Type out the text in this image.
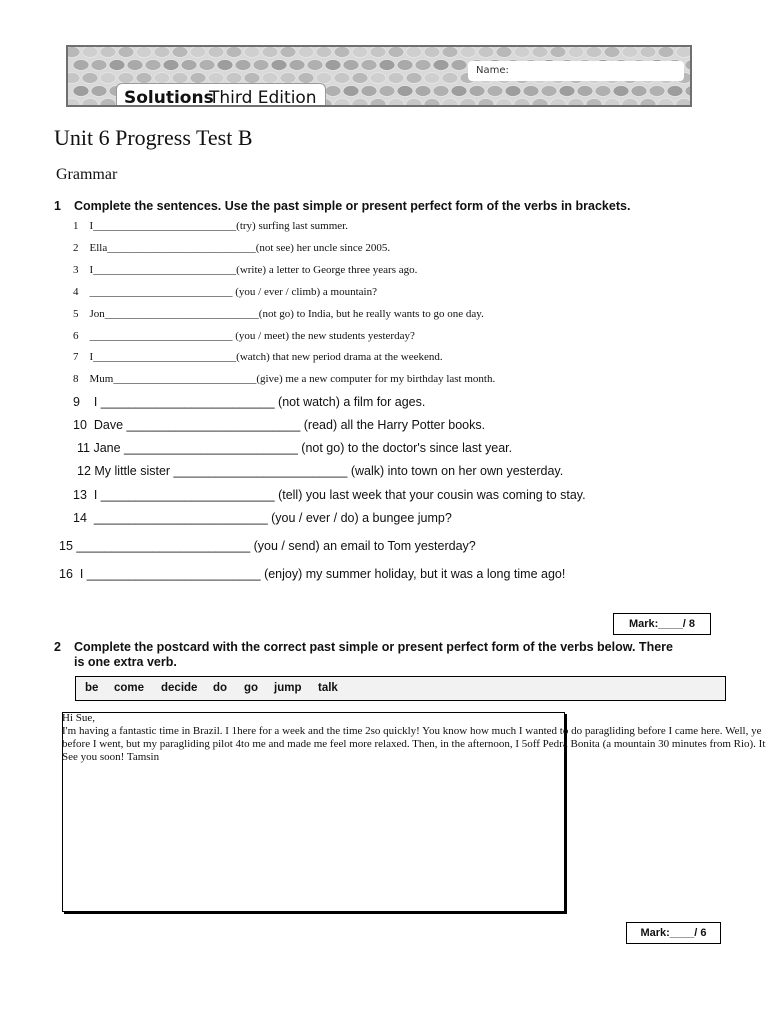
Solutions
Third Edition
Name:
Unit 6 Progress Test B
Grammar
1 Complete the sentences. Use the past simple or present perfect form of the verbs in brackets.
1    I__________________________(try) surfing last summer.
2    Ella___________________________(not see) her uncle since 2005.
3    I__________________________(write) a letter to George three years ago.
4    __________________________ (you / ever / climb) a mountain?
5    Jon____________________________(not go) to India, but he really wants to go one day.
6    __________________________ (you / meet) the new students yesterday?
7    I__________________________(watch) that new period drama at the weekend.
8    Mum__________________________(give) me a new computer for my birthday last month.
9    I _________________________ (not watch) a film for ages.
10  Dave _________________________ (read) all the Harry Potter books.
11 Jane _________________________ (not go) to the doctor's since last year.
12 My little sister _________________________ (walk) into town on her own yesterday.
13  I _________________________ (tell) you last week that your cousin was coming to stay.
14  _________________________ (you / ever / do) a bungee jump?
15 _________________________ (you / send) an email to Tom yesterday?
16  I _________________________ (enjoy) my summer holiday, but it was a long time ago!
Mark:____/ 8
2 Complete the postcard with the correct past simple or present perfect form of the verbs below. There
is one extra verb.
be come decide do go jump talk
Hi Sue,
I'm having a fantastic time in Brazil. I 1here for a week and the time 2so quickly! You know how much I wanted to do paragliding before I came here. Well, ye
before I went, but my paragliding pilot 4to me and made me feel more relaxed. Then, in the afternoon, I 5off Pedra Bonita (a mountain 30 minutes from Rio). It
See you soon! Tamsin
Mark:____/ 6
